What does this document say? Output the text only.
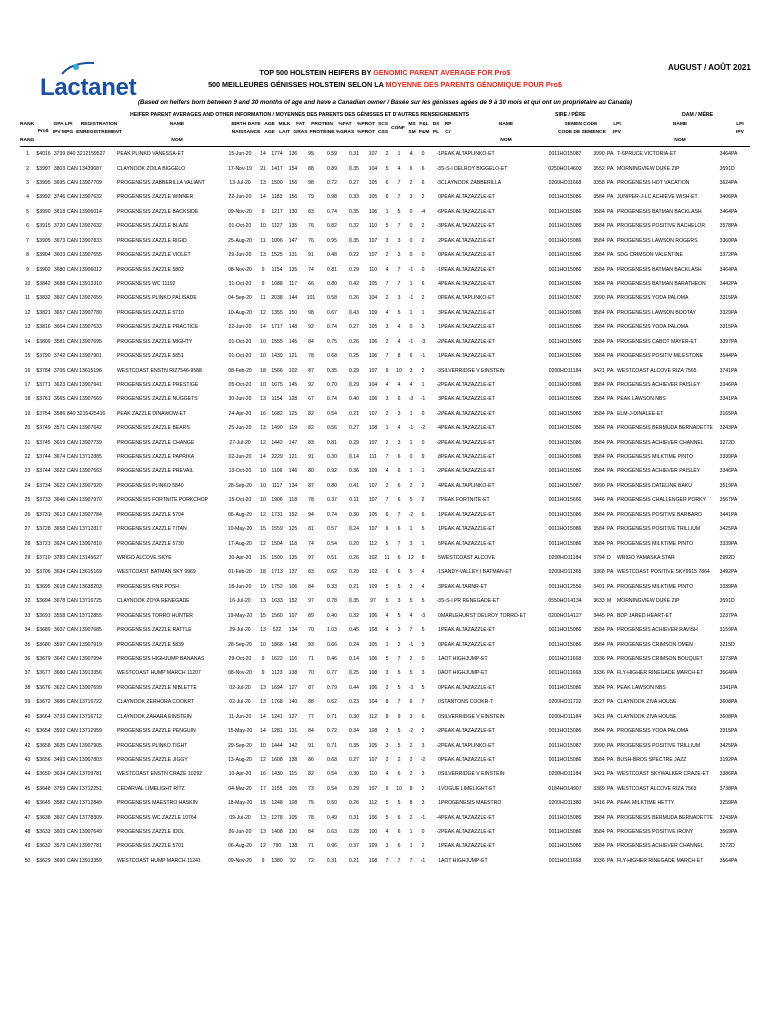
Lactanet
AUGUST / AOÛT 2021
TOP 500 HOLSTEIN HEIFERS BY GENOMIC PARENT AVERAGE FOR Pro$
500 MEILLEURES GÉNISSES HOLSTEIN SELON LA MOYENNE DES PARENTS GÉNOMIQUE POUR Pro$
(Based on heifers born between 9 and 30 months of age and have a Canadian owner / Basée sur les génisses agées de 9 à 30 mois et qui ont un propriétaire au Canada)
HEIFER PARENT AVERAGES AND OTHER INFORMATION / MOYENNES DES PARENTS DES GÉNISSES ET D'AUTRES RENSEIGNEMENTS	SIRE / PÈRE	DAM / MÈRE
RANK
RANG
Pro$
GPA LPI
IPV MPG
REGISTRATION
ENREGISTREMENT
NAME
NOM
BIRTH DATE
NAISSANCE
AGE
AGE
MILK
LAIT
FAT
GRAS
PROTEIN
PROTÉINE
%FAT
%GRAS
%PROT
%PROT
SCS
CSS
CONF
MS
SM
F&L
P&M
DS
PL
RP
Cr
NAME
NOM
SEMEN CODE
CODE DE SEMENCE
LPI
IPV
NAME
NOM
LPI
IPV
1	$4016	3739	840 3212159527	PEAK PLINKO VANESSA-ET	15-Jun-20	14	1774	136	95	0.59	0.31	107	2	1	4	0	-1	PEAK ALTAPLINKO-ET	0011HO15087	3990	PA	T-SPRUCE VICTORIA-ET	3464	PA
2	$3997	3803	CAN 13439687	CLAYNOOK ZOILA BIGGELO	17-Nov-19	21	1417	154	88	0.89	0.35	104	5	4	6	6	-3	S-S-I DELROY BIGGELO-ET	0250HO14603	3552	PA	MORNINGVIEW DUKE ZIP	3591	D
3	$3995	3695	CAN 13907709	PROGENESIS ZABBERILLA VALIANT	13-Jul-20	13	1500	156	98	0.72	0.27	105	6	7	2	6	-3	CLAYNOOK ZABBERILLA	0200HO11668	3358	PA	PROGENESIS HOT VACATION	3624	PA
4	$3992	3746	CAN 13907632	PROGENESIS ZAZZLE WINNER	22-Jun-20	14	1183	156	79	0.98	0.33	105	6	7	3	2	0	PEAK ALTAZAZZLE-ET	0011HO15086	3584	PA	JUNIPER-J-LC ACHIEVE WISH-ET	3406	PA
5	$3990	3618	CAN 13906014	PROGENESIS ZAZZLE BACKSIDE	09-Nov-20	9	1217	130	83	0.74	0.35	106	1	5	0	-4	-6	PEAK ALTAZAZZLE-ET	0011HO15086	3584	PA	PROGENESIS BATMAN BACKLASH	3464	PA
6	$3915	3720	CAN 13907632	PROGENESIS ZAZZLE BLAZE	01-Oct-20	10	1127	135	76	0.82	0.32	110	5	7	0	2	-3	PEAK ALTAZAZZLE-ET	0011HO15086	3584	PA	PROGENESIS POSITIVE BACHELOR	3578	PA
7	$3905	3673	CAN 13907833	PROGENESIS ZAZZLE RIGID	25-Aug-20	11	1006	147	76	0.95	0.35	107	3	3	0	2	2	PEAK ALTAZAZZLE-ET	0011HO15086	3584	PA	PROGENESIS LAWSON ROGERS	3360	PA
8	$3904	3603	CAN 13907655	PROGENESIS ZAZZLE VIOLET	29-Jun-20	13	1525	131	91	0.48	0.22	107	2	3	0	0	0	PEAK ALTAZAZZLE-ET	0011HO15086	3584	PA	SDG CRIMSON VALENTINE	3372	PA
9	$3902	3680	CAN 13906012	PROGENESIS ZAZZLE 5802	08-Nov-20	9	1154	135	74	0.81	0.29	110	4	7	-1	0	-1	PEAK ALTAZAZZLE-ET	0011HO15086	3584	PA	PROGENESIS BATMAN BACKLASH	3464	PA
10	$3842	3688	CAN 13913310	PROGENESIS WC 11192	31-Oct-20	9	1088	117	66	0.80	0.42	105	7	7	1	6	4	PEAK ALTAZAZZLE-ET	0011HO15086	3584	PA	PROGENESIS BATMAN BARATHEON	3442	PA
11	$3832	3607	CAN 13907659	PROGENESIS PLINKO PALISADE	04-Sep-20	11	2038	144	101	0.58	0.26	104	2	3	-1	2	0	PEAK ALTAPLINKO-ET	0011HO15087	3990	PA	PROGENESIS YODA PALOMA	3315	PA
12	$3821	3657	CAN 13907780	PROGENESIS ZAZZLE 5710	10-Aug-20	12	1355	150	98	0.67	0.43	109	4	5	1	1	3	PEAK ALTAZAZZLE-ET	0011HO15086	3584	PA	PROGENESIS LAWSON BOOTAY	3329	PA
13	$3816	3664	CAN 13907633	PROGENESIS ZAZZLE PRACTICE	22-Jun-20	14	1717	148	92	0.74	0.27	105	3	4	0	3	1	PEAK ALTAZAZZLE-ET	0011HO15086	3584	PA	PROGENESIS YODA PALOMA	3315	PA
14	$3809	3581	CAN 13907695	PROGENESIS ZAZZLE MIGHTY	01-Oct-20	10	1555	145	84	0.75	0.26	106	2	4	-1	-3	-2	PEAK ALTAZAZZLE-ET	0011HO15086	3584	PA	PROGENESIS CABOT MAYER-ET	3397	PA
15	$3790	3742	CAN 13907901	PROGENESIS ZAZZLE 5851	01-Oct-20	10	1439	121	78	0.68	0.25	106	7	8	6	-1	1	PEAK ALTAZAZZLE-ET	0011HO15086	3584	PA	PROGENESIS POSITIV MILESTONE	3544	PA
16	$3784	3706	CAN 13615196	WESTCOAST ENSTN RIZ7546-9588	08-Feb-20	18	1566	102	87	0.35	0.29	107	9	10	3	2	-3	SILVERRIDGE V EINSTEIN	0200HO11184	3421	PA	WESTCOAST ALCOVE RIZA 7565	3741	PA
17	$3771	3623	CAN 13907941	PROGENESIS ZAZZLE PRESTIGE	05-Oct-20	10	1675	145	92	0.70	0.29	104	4	4	4	1	-2	PEAK ALTAZAZZLE-ET	0011HO15086	3584	PA	PROGENESIS ACHIEVER PAISLEY	3346	PA
18	$3761	3665	CAN 13907669	PROGENESIS ZAZZLE NUGGETS	30-Jun-20	13	1154	128	67	0.74	0.40	106	3	6	-3	-1	3	PEAK ALTAZAZZLE-ET	0011HO15086	3584	PA	PEAK LAWSON NBS	3341	PA
19	$3754	3586	840 3215425416	PEAK ZAZZLE DINAWOW-ET	24-Apr-20	16	1682	125	82	0.54	0.21	107	2	3	1	0	-2	PEAK ALTAZAZZLE-ET	0011HO15086	3584	PA	ELM-J-DINALEE-ET	3165	PA
20	$3749	3571	CAN 13907642	PROGENESIS ZAZZLE BEARS	25-Jun-20	13	1490	119	82	0.56	0.27	108	1	4	-1	-2	-4	PEAK ALTAZAZZLE-ET	0011HO15086	3584	PA	PROGENESIS BERMUDA BERNADETTE	3243	PA
21	$3745	3619	CAN 13907739	PROGENESIS ZAZZLE CHANGE	27-Jul-20	12	1442	147	83	0.81	0.29	107	2	3	1	0	-2	PEAK ALTAZAZZLE-ET	0011HO15086	3584	PA	PROGENESIS ACHIEVER CHANNEL	3272	D
22	$3744	3674	CAN 13712885	PROGENESIS ZAZZLE PAPRIKA	02-Jun-20	14	2229	121	91	0.30	0.14	111	7	6	0	9	8	PEAK ALTAZAZZLE-ET	0011HO15086	3584	PA	PROGENESIS MILKTIME PINTO	3339	PA
23	$3744	3622	CAN 13907663	PROGENESIS ZAZZLE PREVAIL	13-Oct-20	10	1106	146	80	0.92	0.36	109	4	6	1	1	-2	PEAK ALTAZAZZLE-ET	0011HO15086	3584	PA	PROGENESIS ACHIEVER PAISLEY	3346	PA
24	$3734	3622	CAN 13907920	PROGENESIS PLINKO 5840	28-Sep-20	10	1117	134	87	0.80	0.41	107	2	6	2	2	4	PEAK ALTAPLINKO-ET	0011HO15087	3990	PA	PROGENESIS DATELINE BAKU	3519	PA
25	$3733	3646	CAN 13907970	PROGENESIS FORTNITE PORKCHOP	15-Oct-20	10	1906	118	78	0.37	0.11	107	7	6	5	2	7	PEAK FORTNITE-ET	0011HO15666	3446	PA	PROGENESIS CHALLENGER PORKY	3567	PA
26	$3731	3613	CAN 13907784	PROGENESIS ZAZZLE 5704	06-Aug-20	12	1731	152	94	0.74	0.30	105	6	7	-2	6	1	PEAK ALTAZAZZLE-ET	0011HO15086	3584	PA	PROGENESIS POSITIVE BARBARO	3441	PA
27	$3728	3658	CAN 13712817	PROGENESIS ZAZZLE TITAN	10-May-20	15	1559	125	81	0.57	0.24	107	6	6	1	5	1	PEAK ALTAZAZZLE-ET	0011HO15086	3584	PA	PROGENESIS POSITIVE TRILLIUM	3425	PA
28	$3721	3624	CAN 13907810	PROGENESIS ZAZZLE 5730	17-Aug-20	12	1504	118	74	0.54	0.20	112	5	7	3	1	5	PEAK ALTAZAZZLE-ET	0011HO15086	3584	PA	PROGENESIS MILKTIME PINTO	3339	PA
29	$3710	3783	CAN 13145627	WRIGO ALCOVE SKYE	30-Apr-20	15	1500	135	97	0.51	0.26	102	11	6	12	8	5	WESTCOAST ALCOVE	0200HO11184	3794	D	WRIGO YAMASKA STAR	2992	D
30	$3706	3634	CAN 13615169	WESTCOAST BATMAN SKY 9969	01-Feb-20	18	1713	137	83	0.62	0.20	102	6	6	5	4	-1	SANDY-VALLEY I BATMAN-ET	0200HO11365	3368	PA	WESTCOAST POSITIVE SKY9915 7864	3492	PA
31	$3695	3618	CAN 13638203	PROGENESIS RNR POSH	18-Jun-20	19	1752	106	84	0.33	0.21	109	5	5	3	4	3	PEAK ALTARNR-ET	0011HO12556	3401	PA	PROGENESIS MILKTIME PINTO	3339	PA
32	$3694	3678	CAN 13716725	CLAYNOOK ZOYA RENEGADE	16-Jul-20	13	1633	152	97	0.78	0.35	97	5	3	5	5	-3	S-S-I PR RENEGADE-ET	0550HO14134	3633	M	MORNINGVIEW DUKE ZIP	3591	D
33	$3691	3558	CAN 13712855	PROGENESIS TORRO HUNTER	19-May-20	15	1560	107	89	0.40	0.32	106	4	5	4	-3	0	MARLEHURST DELROY TORRO-ET	0200HO14127	3445	PA	BDP JARED HEART-ET	3237	PA
34	$3689	3607	CAN 13907685	PROGENESIS ZAZZLE RATTLE	29-Jul-20	13	522	134	70	1.03	0.45	108	4	3	7	5	1	PEAK ALTAZAZZLE-ET	0011HO15086	3584	PA	PROGENESIS ACHIEVER RAVISH	3159	PA
35	$3680	3597	CAN 13907919	PROGENESIS ZAZZLE 5839	28-Sep-20	10	1868	148	93	0.66	0.24	105	1	2	-1	3	0	PEAK ALTAZAZZLE-ET	0011HO15086	3584	PA	PROGENESIS CRIMSON OMEN	3215	D
36	$3679	3642	CAN 13907994	PROGENESIS HIGHJUMP BANANAS	29-Oct-20	9	1622	116	71	0.46	0.14	106	5	7	2	0	1	AOT HIGHJUMP-ET	0011HO11668	3336	PA	PROGENESIS CRIMSON BOUQUET	3273	PA
37	$3677	3680	CAN 13913356	WESTCOAST HUMP MARCH 11207	08-Nov-20	9	1123	138	70	0.77	0.25	108	3	5	5	3	0	AOT HIGHJUMP-ET	0011HO11668	3336	PA	FLY-HIGHER RINEGADE MARCH-ET	3564	PA
38	$3676	3622	CAN 13907699	PROGENESIS ZAZZLE NIBLETTE	02-Jul-20	13	1694	127	87	0.79	0.44	106	2	5	-3	5	0	PEAK ALTAZAZZLE-ET	0011HO15086	3584	PA	PEAK LAWSON NBS	3341	PA
39	$3672	3686	CAN 13716722	CLAYNOOK ZERHORA COOKRT	02-Jul-20	13	1768	140	88	0.62	0.23	104	8	7	6	7	0	STANTONS COOKR-T	0200HO11722	3527	PA	CLAYNOOK ZIVA HOUSE	3608	PA
40	$3664	3733	CAN 13716712	CLAYNOOK ZAHARA EINSTEIN	11-Jun-20	14	1241	127	77	0.71	0.30	112	8	9	3	6	0	SILVERRIDGE V EINSTEIN	0200HO11184	3421	PA	CLAYNOOK ZIVA HOUSE	3608	PA
41	$3654	3592	CAN 13712959	PROGENESIS ZAZZLE PENGUIN	15-May-20	14	1281	131	84	0.72	0.34	108	3	5	-2	2	-2	PEAK ALTAZAZZLE-ET	0011HO15086	3584	PA	PROGENESIS YODA PALOMA	3315	PA
42	$3658	3635	CAN 13907905	PROGENESIS PLINKO TIGHT	29-Sep-20	10	1444	142	91	0.71	0.35	105	3	5	2	3	-2	PEAK ALTAPLINKO-ET	0011HO15087	3990	PA	PROGENESIS POSITIVE TRILLIUM	3425	PA
43	$3656	3493	CAN 13907803	PROGENESIS ZAZZLE JIGGY	13-Aug-20	12	1608	138	86	0.68	0.27	107	2	2	2	-2	0	PEAK ALTAZAZZLE-ET	0011HO15086	3584	PA	BUSH-BROS SPECTRE JAZZ	3192	PA
44	$3650	3634	CAN 13709781	WESTCOAST ENSTN CRAZE 10292	10-Apr-20	16	1430	115	82	0.54	0.30	110	4	6	2	3	0	SILVERRIDGE V EINSTEIN	0200HO11184	3421	PA	WESTCOAST SKYWALKER CRAZE-ET	3386	PA
45	$3648	3759	CAN 13712251	CEDARVAL LIMELIGHT RITZ	04-Mar-20	17	1155	105	73	0.54	0.29	107	9	10	8	2	-1	VOGUE LIMELIGHT-ET	0184HO14907	3389	PA	WESTCOAST ALCOVE RIZA 7563	3738	PA
46	$3645	3582	CAN 13712849	PROGENESIS MAESTRO HASKIN	18-May-20	15	1248	108	75	0.50	0.26	112	5	5	8	3	1	PROGENESIS MAESTRO	0200HO11380	3416	PA	PEAK MILKTIME HETTY	3259	PA
47	$3638	3607	CAN 13778309	PROGENESIS WC ZAZZLE 10764	09-Jul-20	13	1278	105	78	0.49	0.31	106	5	6	2	-1	-4	PEAK ALTAZAZZLE-ET	0011HO15086	3584	PA	PROGENESIS BERMUDA BERNADETTE	3243	PA
48	$3633	3603	CAN 13907649	PROGENESIS ZAZZLE IDOL	26-Jun-20	13	1408	130	84	0.63	0.28	100	4	6	1	0	-2	PEAK ALTAZAZZLE-ET	0011HO15086	3584	PA	PROGENESIS POSITIVE IRONY	3569	PA
49	$3632	3579	CAN 13907781	PROGENESIS ZAZZLE 5701	06-Aug-20	12	790	138	71	0.96	0.37	109	3	6	1	2	1	PEAK ALTAZAZZLE-ET	0011HO15086	3584	PA	PROGENESIS ACHIEVER CHANNEL	3272	D
50	$3629	3690	CAN 13913359	WESTCOAST HUMP MARCH 11241	09-Nov-20	9	1380	92	72	0.31	0.21	108	7	7	7	-1	1	AOT HIGHJUMP-ET	0011HO11668	3336	PA	FLY-HIGHER RINEGADE MARCH-ET	3564	PA
